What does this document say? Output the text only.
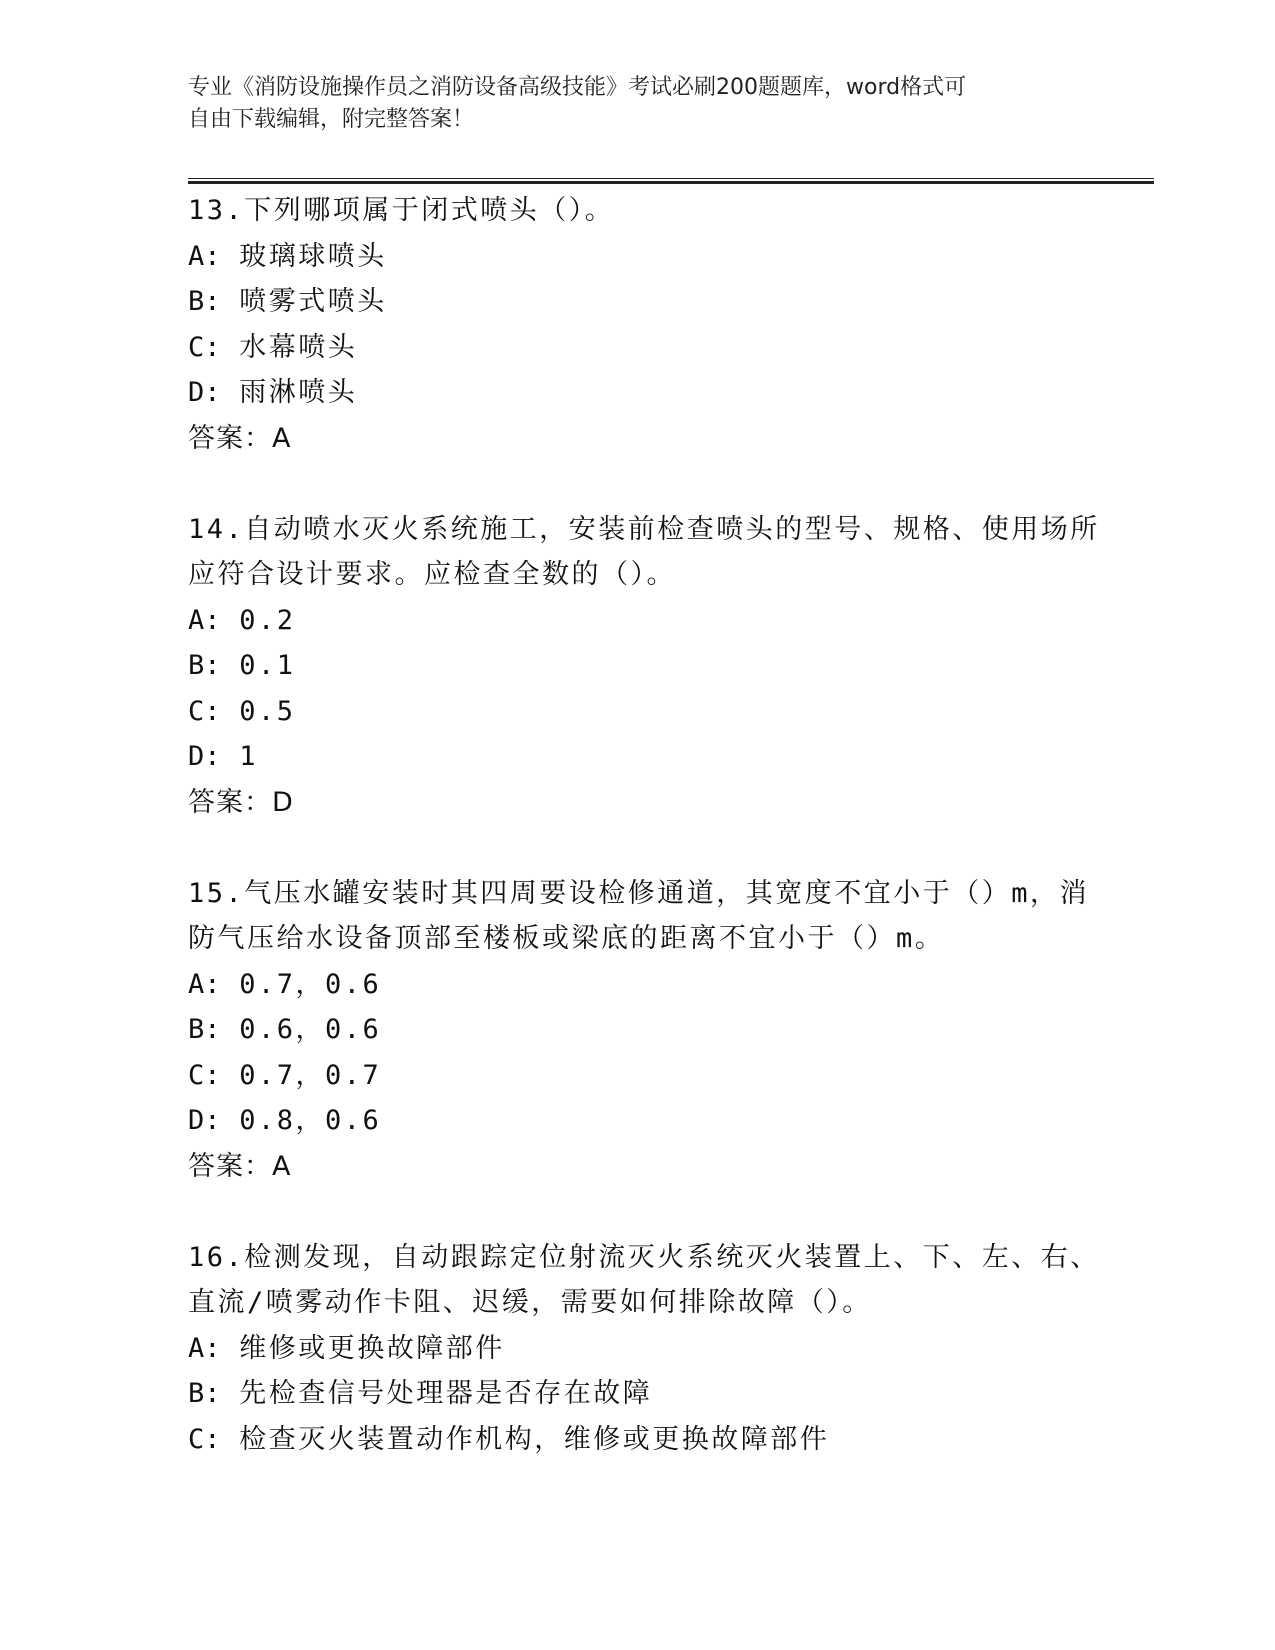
专业《消防设施操作员之消防设备高级技能》考试必刷200题题库，word格式可
自由下载编辑，附完整答案！
13.下列哪项属于闭式喷头（）。
A: 玻璃球喷头
B: 喷雾式喷头
C: 水幕喷头
D: 雨淋喷头
答案：A
14.自动喷水灭火系统施工，安装前检查喷头的型号、规格、使用场所
应符合设计要求。应检查全数的（）。
A: 0.2
B: 0.1
C: 0.5
D: 1
答案：D
15.气压水罐安装时其四周要设检修通道，其宽度不宜小于（）m，消
防气压给水设备顶部至楼板或梁底的距离不宜小于（）m。
A: 0.7，0.6
B: 0.6，0.6
C: 0.7，0.7
D: 0.8，0.6
答案：A
16.检测发现，自动跟踪定位射流灭火系统灭火装置上、下、左、右、
直流/喷雾动作卡阻、迟缓，需要如何排除故障（）。
A: 维修或更换故障部件
B: 先检查信号处理器是否存在故障
C: 检查灭火装置动作机构，维修或更换故障部件
